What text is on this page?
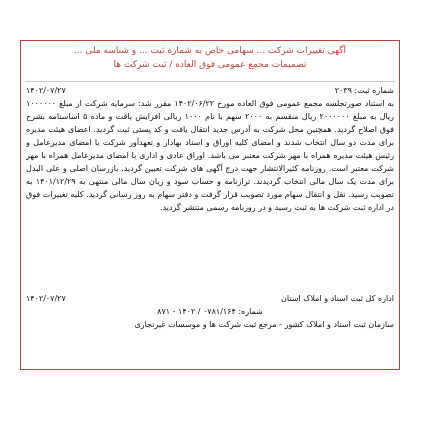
آگهی تغییرات شرکت ... سهامی خاص به شماره ثبت ... و شناسه ملی ...
تصمیمات مجمع عمومی فوق العاده / ثبت شرکت ها
شماره ثبت: ۲۰۳۹
۱۴۰۲/۰۷/۲۷

به استناد صورتجلسه مجمع عمومی فوق العاده مورخ ۱۴۰۲/۰۶/۲۲ مقرر شد: سرمایه شرکت از مبلغ ۱۰۰۰۰۰۰ ریال به مبلغ ۲۰۰۰۰۰۰ ریال منقسم به ۲۰۰۰ سهم با نام ۱۰۰۰ ریالی افزایش یافت و ماده ۵ اساسنامه بشرح فوق اصلاح گردید. همچنین محل شرکت به آدرس جدید انتقال یافت و کد پستی ثبت گردید. اعضای هیئت مدیره برای مدت دو سال انتخاب شدند و امضای کلیه اوراق و اسناد بهادار و تعهدآور شرکت با امضای مدیرعامل و رئیس هیئت مدیره همراه با مهر شرکت معتبر می باشد. اوراق عادی و اداری با امضای مدیرعامل همراه با مهر شرکت معتبر است. روزنامه کثیرالانتشار جهت درج آگهی های شرکت تعیین گردید. بازرسان اصلی و علی البدل برای مدت یک سال مالی انتخاب گردیدند. ترازنامه و حساب سود و زیان سال مالی منتهی به ۱۴۰۱/۱۲/۲۹ به تصویب رسید. نقل و انتقال سهام مورد تصویب قرار گرفت و دفتر سهام به روز رسانی گردید. کلیه تغییرات فوق در اداره ثبت شرکت ها به ثبت رسید و در روزنامه رسمی منتشر گردید.

اداره کل ثبت اسناد و املاک استان
۱۴۰۲/۰۷/۲۷
شماره: ۰۷۸۱/۱۶۴ / ۱۴۰۲ - ۸۷۱
سازمان ثبت اسناد و املاک کشور - مرجع ثبت شرکت ها و موسسات غیرتجاری
